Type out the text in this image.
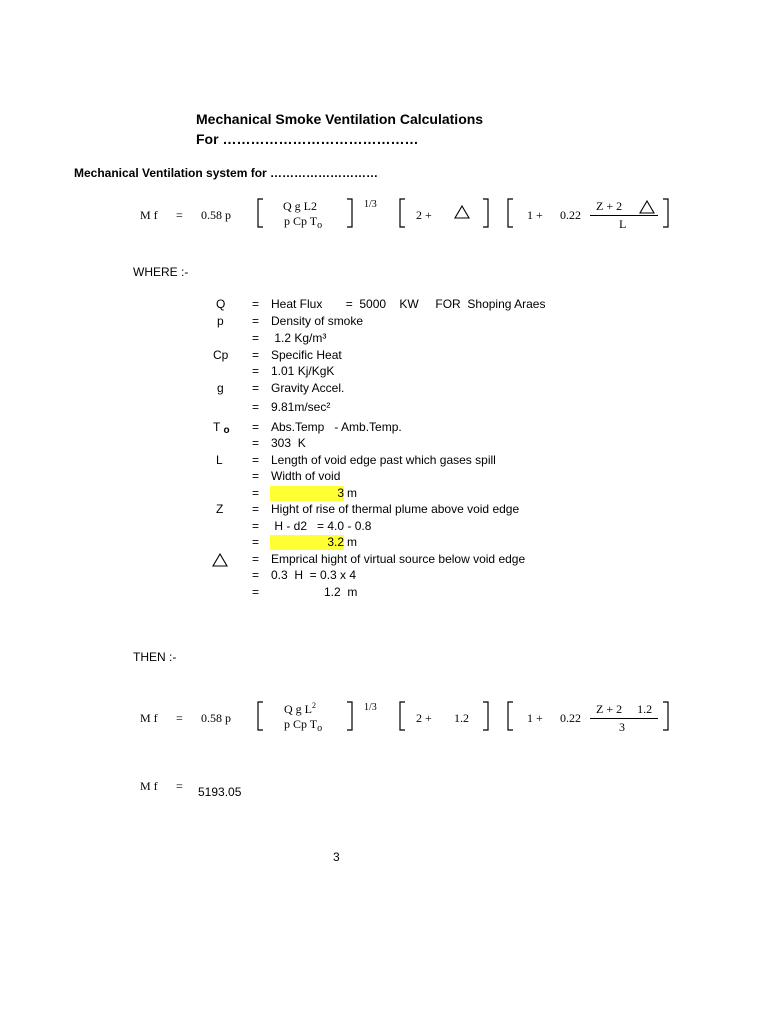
Mechanical Smoke Ventilation Calculations
For ……………………………………
Mechanical Ventilation system for ………………………
M f = 0.58 p
Q g L2
p Cp $T_o$
1/3
2 +	1 + 0.22
Z + 2
L
WHERE :-
Q
p
Cp
g
T o
L
Z
=
=
=
=
=
=
=
=
=
=
=
=
=
=
=
=
=
=
Heat Flux       =  5000    KW     FOR  Shoping Araes
Density of smoke
1.2 Kg/m³
Specific Heat
1.01 Kj/KgK
Gravity Accel.
9.81m/sec²
Abs.Temp   - Amb.Temp.
303  K
Length of void edge past which gases spill
Width of void
3 m
Hight of rise of thermal plume above void edge
H - d2   = 4.0 - 0.8
3.2 m
Emprical hight of virtual source below void edge
0.3  H  = 0.3 x 4
1.2  m
THEN :-
M f = 0.58 p
Q g $L^2$
p Cp $T_o$
1/3
2 + 1.2	1 + 0.22
Z + 2     1.2
3
M f = 5193.05
3
